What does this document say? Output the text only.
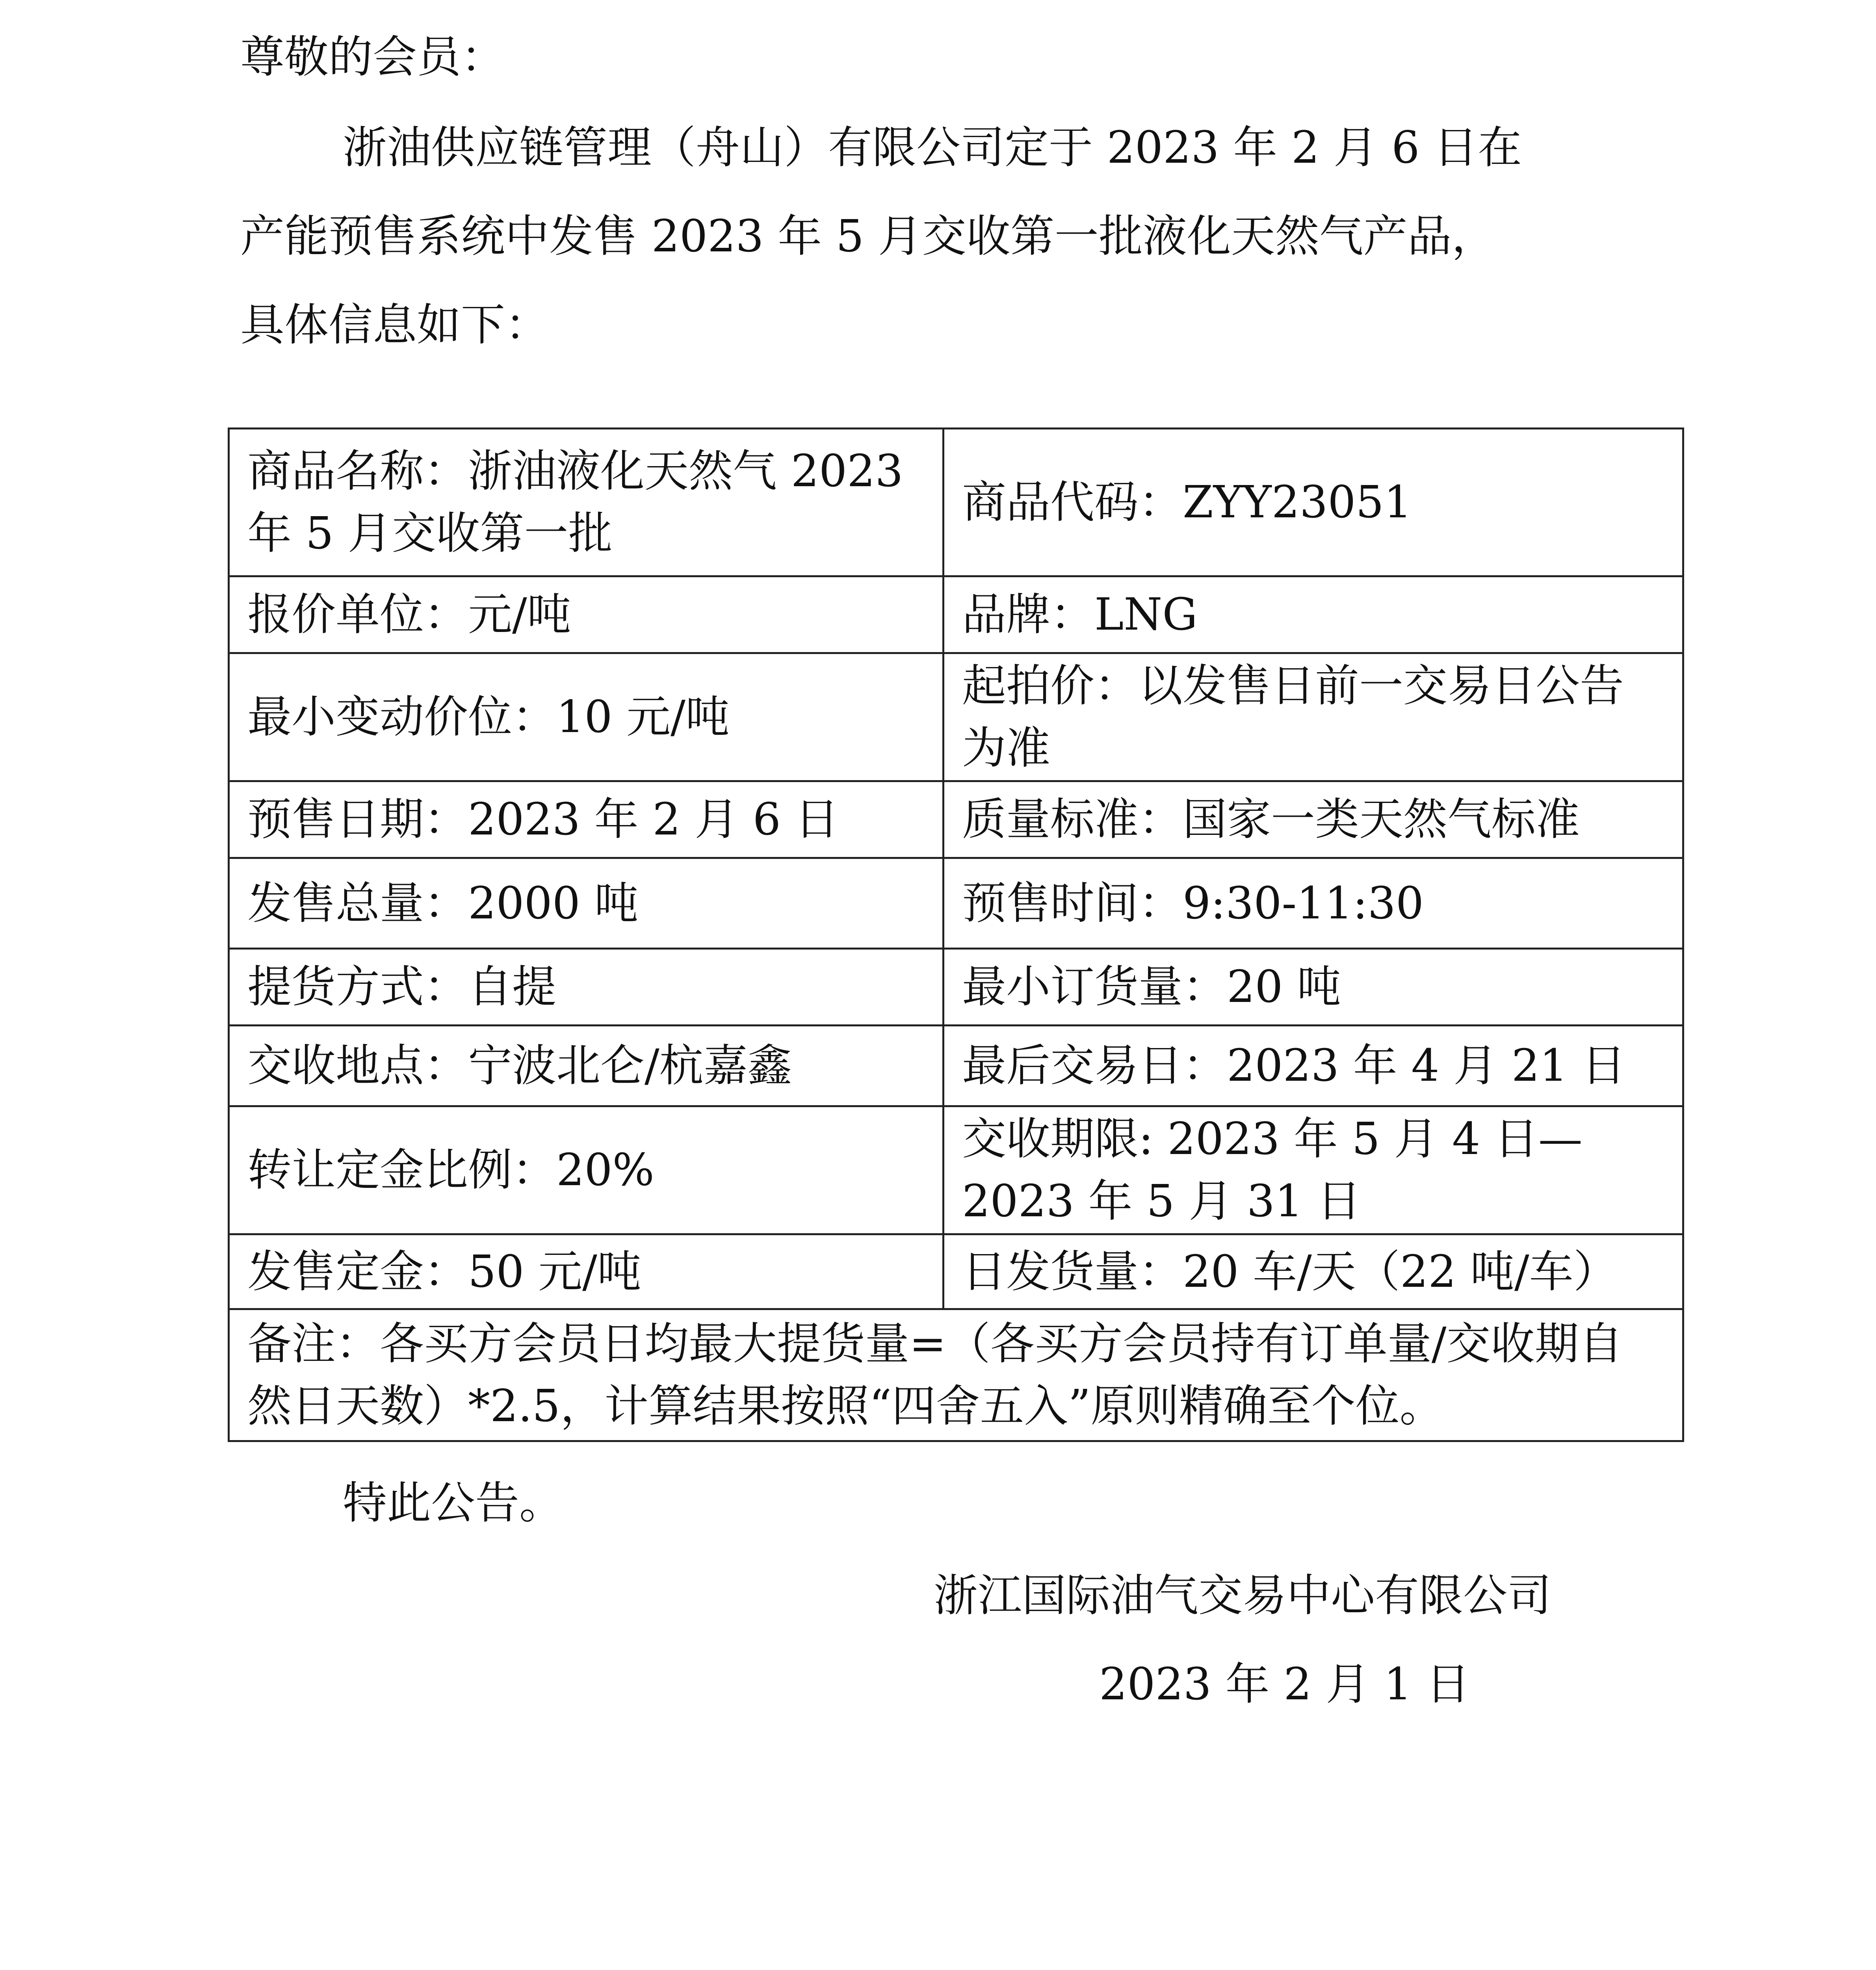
尊敬的会员：

浙油供应链管理（舟山）有限公司定于 2023 年 2 月 6 日在

产能预售系统中发售 2023 年 5 月交收第一批液化天然气产品，

具体信息如下：

商品名称：浙油液化天然气 2023 年 5 月交收第一批	商品代码：ZYY23051
报价单位：元/吨	品牌：LNG
最小变动价位：10 元/吨	起拍价：以发售日前一交易日公告为准
预售日期：2023 年 2 月 6 日	质量标准：国家一类天然气标准
发售总量：2000 吨	预售时间：9:30-11:30
提货方式：自提	最小订货量：20 吨
交收地点：宁波北仑/杭嘉鑫	最后交易日：2023 年 4 月 21 日
转让定金比例：20%	交收期限: 2023 年 5 月 4 日—2023 年 5 月 31 日
发售定金：50 元/吨	日发货量：20 车/天（22 吨/车）
备注：各买方会员日均最大提货量=（各买方会员持有订单量/交收期自然日天数）*2.5，计算结果按照“四舍五入”原则精确至个位。	

特此公告。

浙江国际油气交易中心有限公司

2023 年 2 月 1 日
